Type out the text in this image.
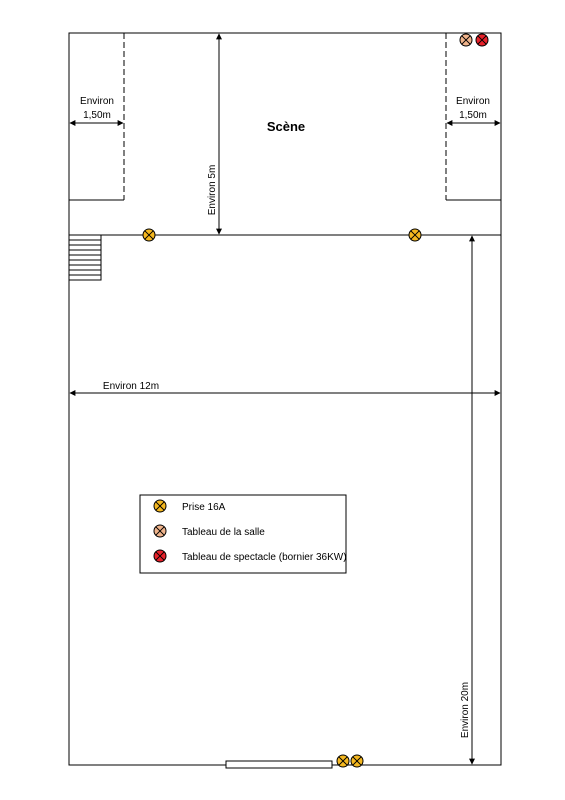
Scène
Environ
1,50m
Environ
1,50m
Environ 5m
Environ 12m
Environ 20m
Prise 16A
Tableau de la salle
Tableau de spectacle (bornier 36KW)
